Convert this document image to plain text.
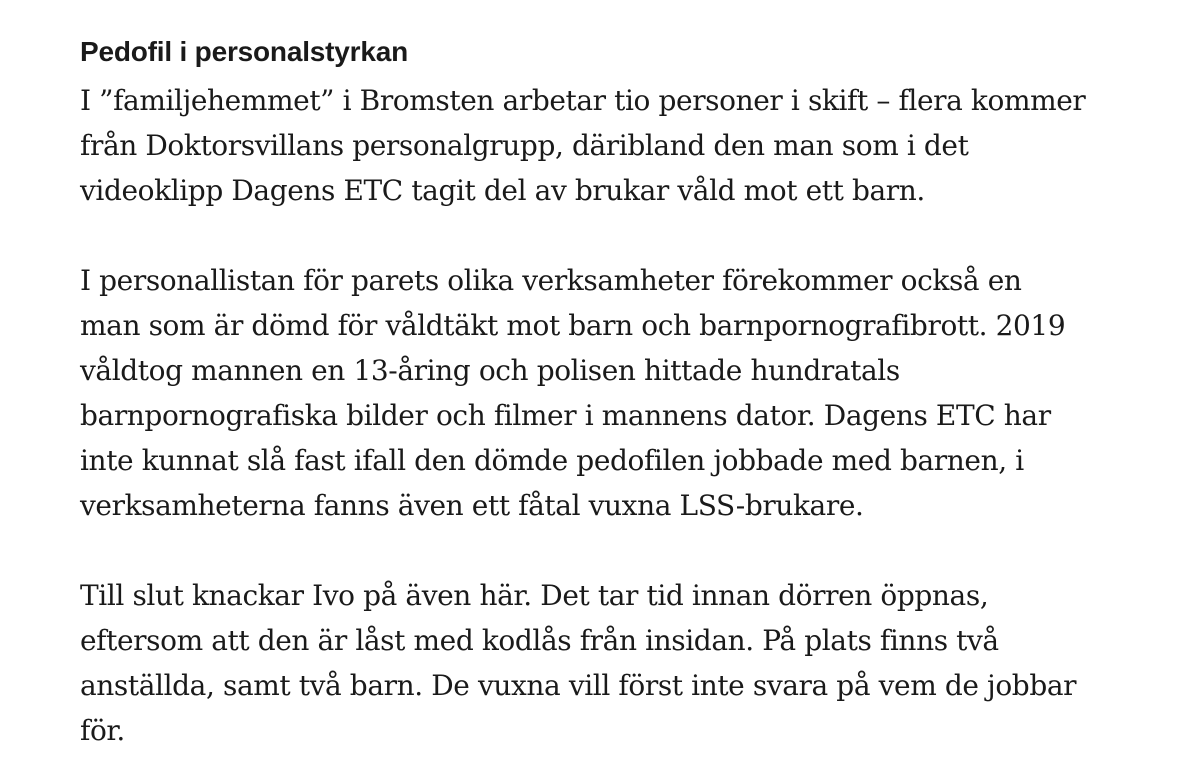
Pedofil i personalstyrkan

I ”familjehemmet” i Bromsten arbetar tio personer i skift – flera kommer
från Doktorsvillans personalgrupp, däribland den man som i det
videoklipp Dagens ETC tagit del av brukar våld mot ett barn.

I personallistan för parets olika verksamheter förekommer också en
man som är dömd för våldtäkt mot barn och barnpornografibrott. 2019
våldtog mannen en 13-åring och polisen hittade hundratals
barnpornografiska bilder och filmer i mannens dator. Dagens ETC har
inte kunnat slå fast ifall den dömde pedofilen jobbade med barnen, i
verksamheterna fanns även ett fåtal vuxna LSS-brukare.

Till slut knackar Ivo på även här. Det tar tid innan dörren öppnas,
eftersom att den är låst med kodlås från insidan. På plats finns två
anställda, samt två barn. De vuxna vill först inte svara på vem de jobbar
för.
